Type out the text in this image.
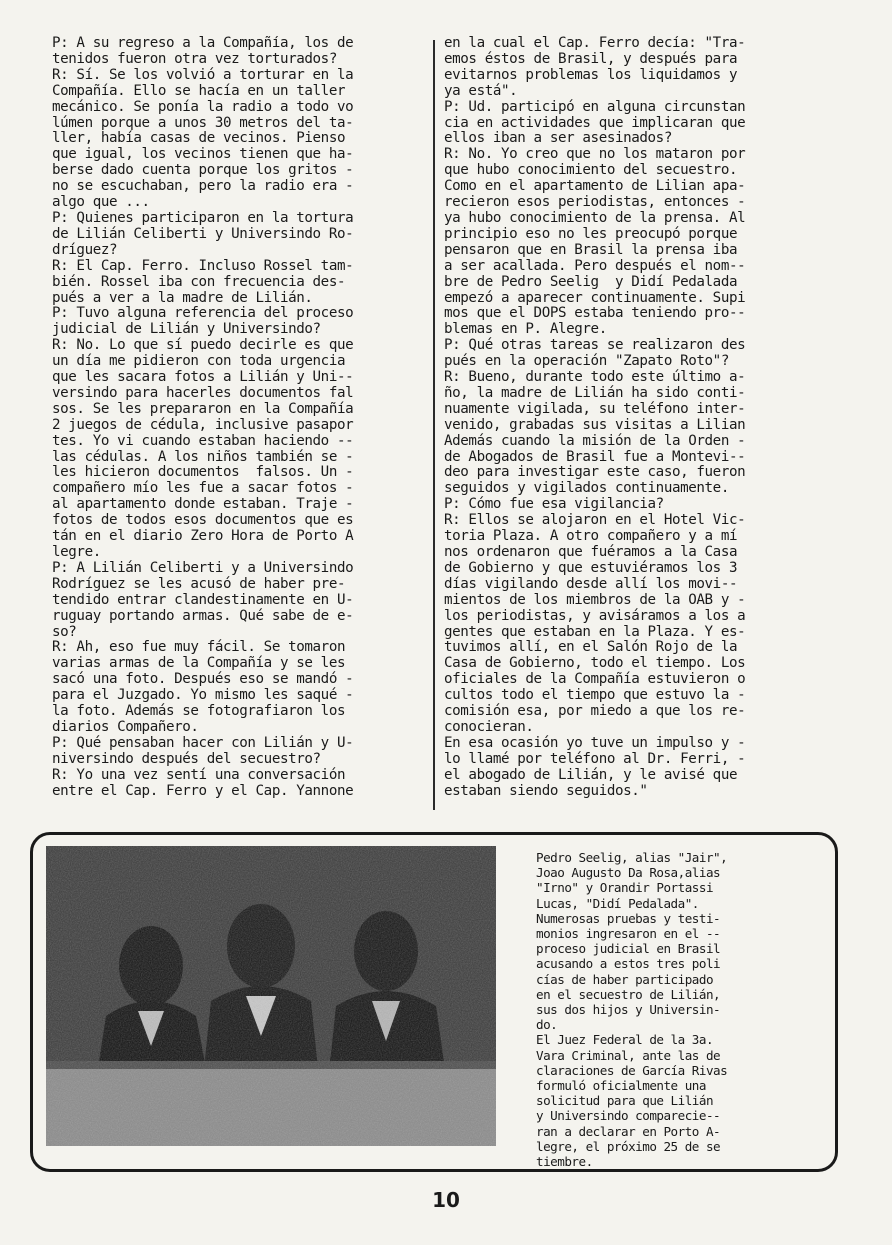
P: A su regreso a la Compañía, los de
tenidos fueron otra vez torturados?
R: Sí. Se los volvió a torturar en la
Compañía. Ello se hacía en un taller
mecánico. Se ponía la radio a todo vo
lúmen porque a unos 30 metros del ta-
ller, había casas de vecinos. Pienso
que igual, los vecinos tienen que ha-
berse dado cuenta porque los gritos -
no se escuchaban, pero la radio era -
algo que ...
P: Quienes participaron en la tortura
de Lilián Celiberti y Universindo Ro-
dríguez?
R: El Cap. Ferro. Incluso Rossel tam-
bién. Rossel iba con frecuencia des-
pués a ver a la madre de Lilián.
P: Tuvo alguna referencia del proceso
judicial de Lilián y Universindo?
R: No. Lo que sí puedo decirle es que
un día me pidieron con toda urgencia
que les sacara fotos a Lilián y Uni--
versindo para hacerles documentos fal
sos. Se les prepararon en la Compañía
2 juegos de cédula, inclusive pasapor
tes. Yo vi cuando estaban haciendo --
las cédulas. A los niños también se -
les hicieron documentos  falsos. Un -
compañero mío les fue a sacar fotos -
al apartamento donde estaban. Traje -
fotos de todos esos documentos que es
tán en el diario Zero Hora de Porto A
legre.
P: A Lilián Celiberti y a Universindo
Rodríguez se les acusó de haber pre-
tendido entrar clandestinamente en U-
ruguay portando armas. Qué sabe de e-
so?
R: Ah, eso fue muy fácil. Se tomaron
varias armas de la Compañía y se les
sacó una foto. Después eso se mandó -
para el Juzgado. Yo mismo les saqué -
la foto. Además se fotografiaron los
diarios Compañero.
P: Qué pensaban hacer con Lilián y U-
niversindo después del secuestro?
R: Yo una vez sentí una conversación
entre el Cap. Ferro y el Cap. Yannone
en la cual el Cap. Ferro decía: "Tra-
emos éstos de Brasil, y después para
evitarnos problemas los liquidamos y
ya está".
P: Ud. participó en alguna circunstan
cia en actividades que implicaran que
ellos iban a ser asesinados?
R: No. Yo creo que no los mataron por
que hubo conocimiento del secuestro.
Como en el apartamento de Lilian apa-
recieron esos periodistas, entonces -
ya hubo conocimiento de la prensa. Al
principio eso no les preocupó porque
pensaron que en Brasil la prensa iba
a ser acallada. Pero después el nom--
bre de Pedro Seelig  y Didí Pedalada
empezó a aparecer continuamente. Supi
mos que el DOPS estaba teniendo pro--
blemas en P. Alegre.
P: Qué otras tareas se realizaron des
pués en la operación "Zapato Roto"?
R: Bueno, durante todo este último a-
ño, la madre de Lilián ha sido conti-
nuamente vigilada, su teléfono inter-
venido, grabadas sus visitas a Lilian
Además cuando la misión de la Orden -
de Abogados de Brasil fue a Montevi--
deo para investigar este caso, fueron
seguidos y vigilados continuamente.
P: Cómo fue esa vigilancia?
R: Ellos se alojaron en el Hotel Vic-
toria Plaza. A otro compañero y a mí
nos ordenaron que fuéramos a la Casa
de Gobierno y que estuviéramos los 3
días vigilando desde allí los movi--
mientos de los miembros de la OAB y -
los periodistas, y avisáramos a los a
gentes que estaban en la Plaza. Y es-
tuvimos allí, en el Salón Rojo de la
Casa de Gobierno, todo el tiempo. Los
oficiales de la Compañía estuvieron o
cultos todo el tiempo que estuvo la -
comisión esa, por miedo a que los re-
conocieran.
En esa ocasión yo tuve un impulso y -
lo llamé por teléfono al Dr. Ferri, -
el abogado de Lilián, y le avisé que
estaban siendo seguidos."
Pedro Seelig, alias "Jair",
Joao Augusto Da Rosa,alias
"Irno" y Orandir Portassi
Lucas, "Didí Pedalada".
Numerosas pruebas y testi-
monios ingresaron en el --
proceso judicial en Brasil
acusando a estos tres poli
cías de haber participado
en el secuestro de Lilián,
sus dos hijos y Universin-
do.
El Juez Federal de la 3a.
Vara Criminal, ante las de
claraciones de García Rivas
formuló oficialmente una
solicitud para que Lilián
y Universindo comparecie--
ran a declarar en Porto A-
legre, el próximo 25 de se
tiembre.
10
